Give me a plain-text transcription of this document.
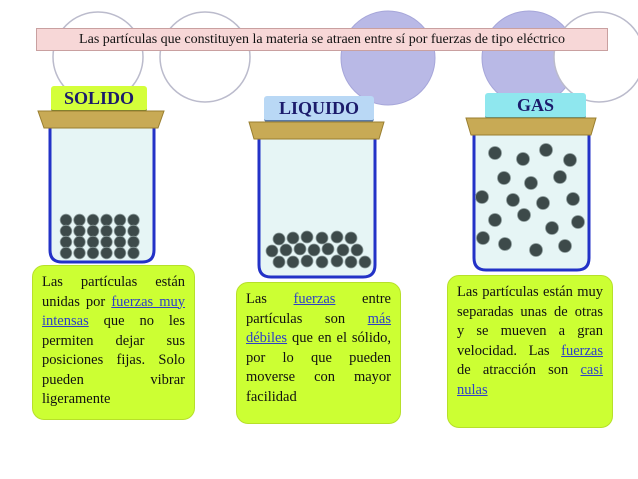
Las partículas que constituyen la materia se atraen entre sí por fuerzas de tipo eléctrico
SOLIDO	LIQUIDO	GAS
Las partículas están unidas por fuerzas muy intensas que no les permiten dejar sus posiciones fijas. Solo pueden vibrar ligeramente
Las fuerzas entre partículas son más débiles que en el sólido, por lo que pueden moverse con mayor facilidad
Las partículas están muy separadas unas de otras y se mueven a gran velocidad. Las fuerzas de atracción son casi nulas
